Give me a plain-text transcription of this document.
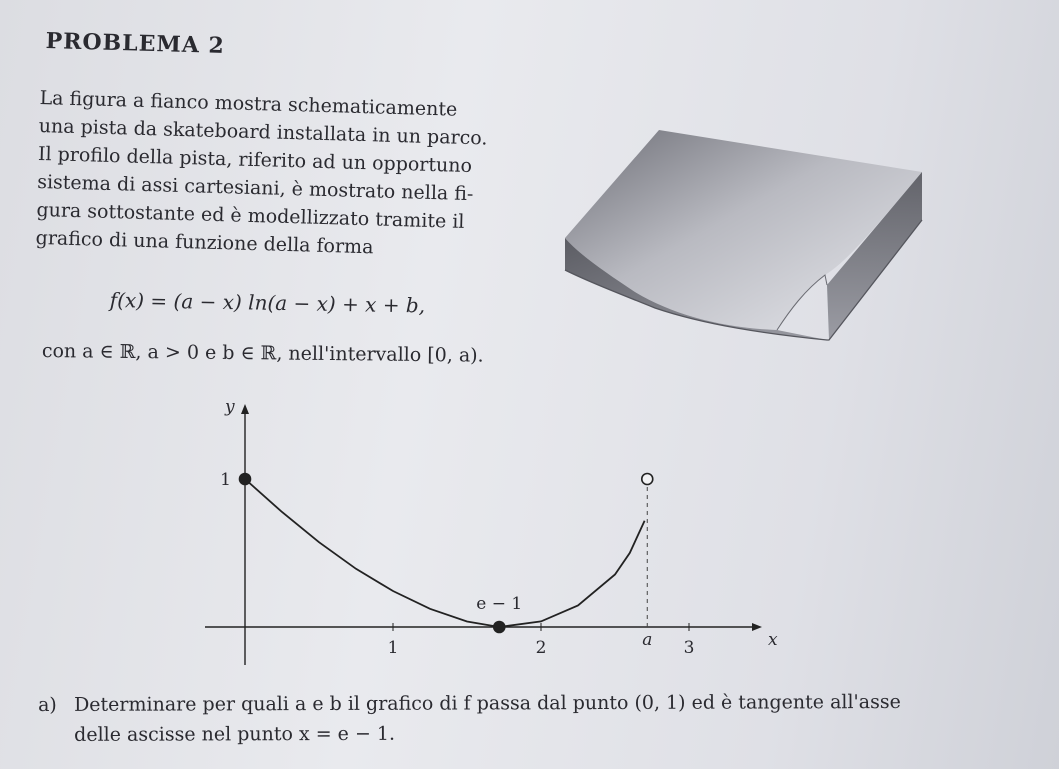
PROBLEMA 2
La figura a fianco mostra schematicamente
una pista da skateboard installata in un parco.
Il profilo della pista, riferito ad un opportuno
sistema di assi cartesiani, è mostrato nella fi-
gura sottostante ed è modellizzato tramite il
grafico di una funzione della forma
f(x) = (a − x) ln(a − x) + x + b,
con a ∈ ℝ, a > 0 e b ∈ ℝ, nell'intervallo [0, a).
y
x
1
1	2	3
a
e − 1
a) Determinare per quali a e b il grafico di f passa dal punto (0, 1) ed è tangente all'asse
delle ascisse nel punto x = e − 1.
